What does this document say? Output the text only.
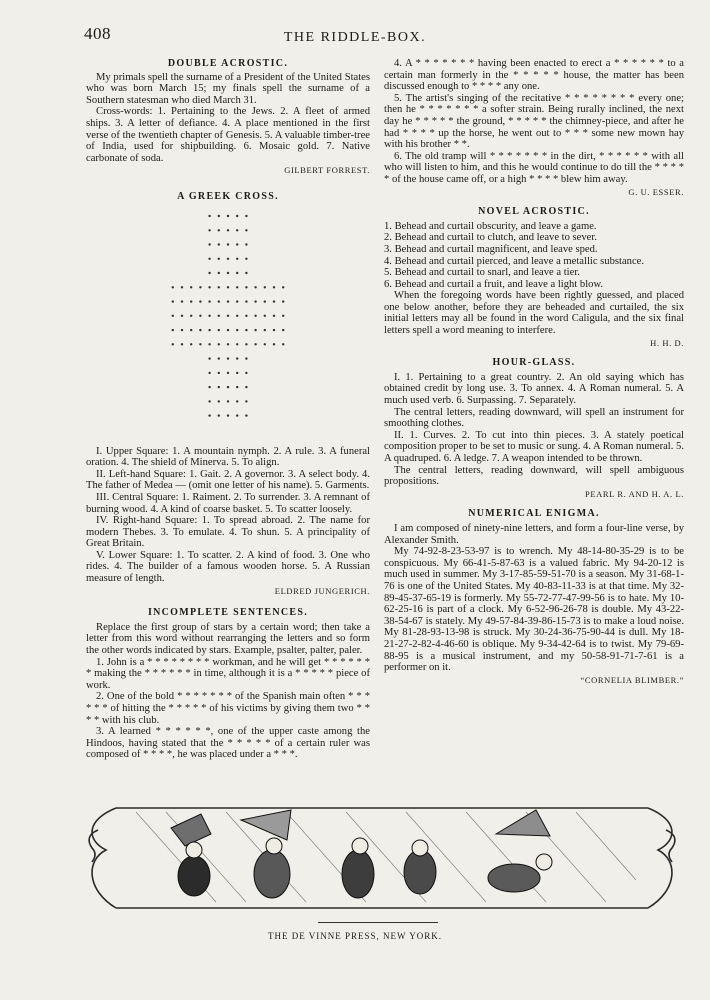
408	THE RIDDLE-BOX.
DOUBLE ACROSTIC.

My primals spell the surname of a President of the United States who was born March 15; my finals spell the surname of a Southern statesman who died March 31.

Cross-words: 1. Pertaining to the Jews. 2. A fleet of armed ships. 3. A letter of defiance. 4. A place mentioned in the first verse of the twentieth chapter of Genesis. 5. A valuable timber-tree of India, used for shipbuilding. 6. Mosaic gold. 7. Native carbonate of soda.

GILBERT FORREST.
A GREEK CROSS.

I. Upper Square: 1. A mountain nymph. 2. A rule. 3. A funeral oration. 4. The shield of Minerva. 5. To align.

II. Left-hand Square: 1. Gait. 2. A governor. 3. A select body. 4. The father of Medea — (omit one letter of his name). 5. Garments.

III. Central Square: 1. Raiment. 2. To surrender. 3. A remnant of burning wood. 4. A kind of coarse basket. 5. To scatter loosely.

IV. Right-hand Square: 1. To spread abroad. 2. The name for modern Thebes. 3. To emulate. 4. To shun. 5. A principality of Great Britain.

V. Lower Square: 1. To scatter. 2. A kind of food. 3. One who rides. 4. The builder of a famous wooden horse. 5. A Russian measure of length.

ELDRED JUNGERICH.
INCOMPLETE SENTENCES.

Replace the first group of stars by a certain word; then take a letter from this word without rearranging the letters and so form the other words indicated by stars. Example, psalter, palter, paler.

1. John is a * * * * * * * * workman, and he will get * * * * * * * making the * * * * * * in time, although it is a * * * * * piece of work.

2. One of the bold * * * * * * * of the Spanish main often * * * * * * of hitting the * * * * * of his victims by giving them two * * * * with his club.

3. A learned * * * * * *, one of the upper caste among the Hindoos, having stated that the * * * * * of a certain ruler was composed of * * * *, he was placed under a * * *.

4. A * * * * * * * having been enacted to erect a * * * * * * to a certain man formerly in the * * * * * house, the matter has been discussed enough to * * * * any one.

5. The artist's singing of the recitative * * * * * * * * every one; then he * * * * * * * a softer strain. Being rurally inclined, the next day he * * * * * the ground, * * * * * the chimney-piece, and after he had * * * * up the horse, he went out to * * * some new mown hay with his brother * *.

6. The old tramp will * * * * * * * in the dirt, * * * * * * with all who will listen to him, and this he would continue to do till the * * * * * of the house came off, or a high * * * * blew him away.

G. U. ESSER.
NOVEL ACROSTIC.

1. Behead and curtail obscurity, and leave a game.

2. Behead and curtail to clutch, and leave to sever.

3. Behead and curtail magnificent, and leave sped.

4. Behead and curtail pierced, and leave a metallic substance.

5. Behead and curtail to snarl, and leave a tier.

6. Behead and curtail a fruit, and leave a light blow.

When the foregoing words have been rightly guessed, and placed one below another, before they are beheaded and curtailed, the six initial letters may all be found in the word Caligula, and the six final letters spell a word meaning to interfere.

H. H. D.
HOUR-GLASS.

I. 1. Pertaining to a great country. 2. An old saying which has obtained credit by long use. 3. To annex. 4. A Roman numeral. 5. A much used verb. 6. Surpassing. 7. Separately.

The central letters, reading downward, will spell an instrument for smoothing clothes.

II. 1. Curves. 2. To cut into thin pieces. 3. A stately poetical composition proper to be set to music or sung. 4. A Roman numeral. 5. A quadruped. 6. A ledge. 7. A weapon intended to be thrown.

The central letters, reading downward, will spell ambiguous propositions.

PEARL R. AND H. A. L.
NUMERICAL ENIGMA.

I am composed of ninety-nine letters, and form a four-line verse, by Alexander Smith.

My 74-92-8-23-53-97 is to wrench. My 48-14-80-35-29 is to be conspicuous. My 66-41-5-87-63 is a valued fabric. My 94-20-12 is much used in summer. My 3-17-85-59-51-70 is a season. My 31-68-1-76 is one of the United States. My 40-83-11-33 is at that time. My 32-89-45-37-65-19 is formerly. My 55-72-77-47-99-56 is to hate. My 10-62-25-16 is part of a clock. My 6-52-96-26-78 is double. My 43-22-38-54-67 is stately. My 49-57-84-39-86-15-73 is to make a loud noise. My 81-28-93-13-98 is struck. My 30-24-36-75-90-44 is dull. My 18-21-27-2-82-4-46-60 is oblique. My 9-34-42-64 is to twist. My 79-69-88-95 is a musical instrument, and my 50-58-91-71-7-61 is a performer on it.

“CORNELIA BLIMBER.”
THE DE VINNE PRESS, NEW YORK.
